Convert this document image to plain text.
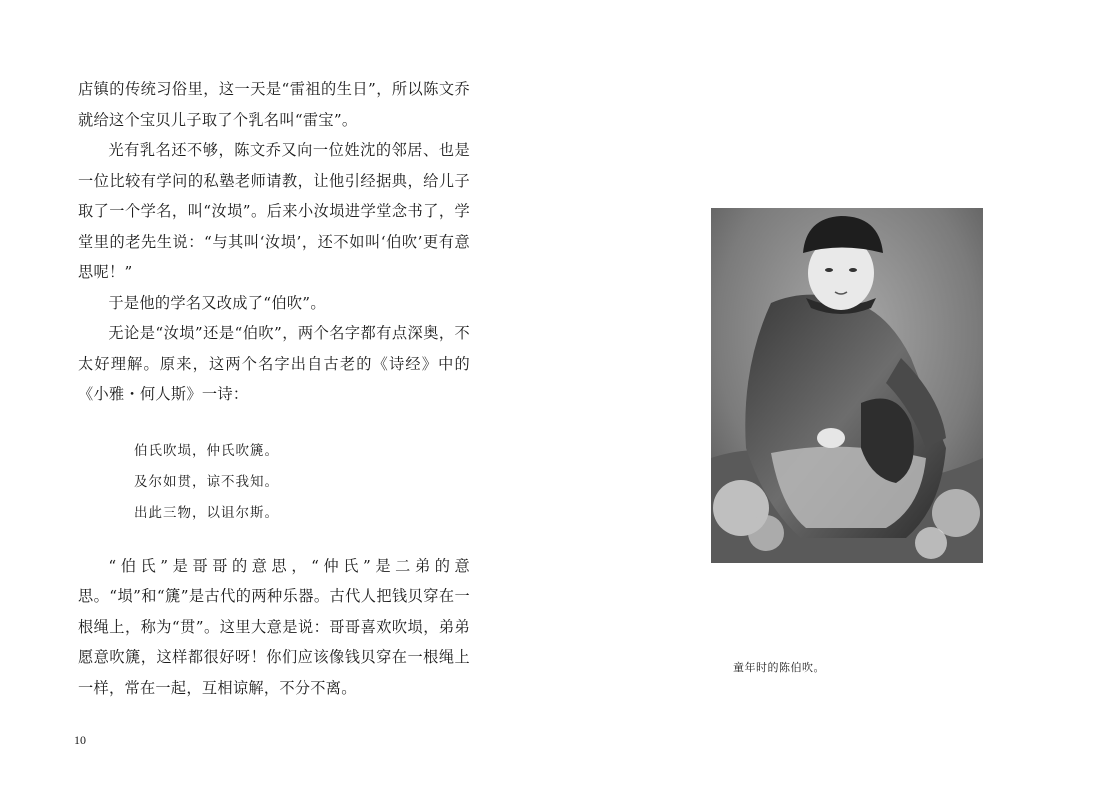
店镇的传统习俗里，这一天是“雷祖的生日”，所以陈文乔就给这个宝贝儿子取了个乳名叫“雷宝”。

光有乳名还不够，陈文乔又向一位姓沈的邻居、也是一位比较有学问的私塾老师请教，让他引经据典，给儿子取了一个学名，叫“汝埙”。后来小汝埙进学堂念书了，学堂里的老先生说：“与其叫‘汝埙’，还不如叫‘伯吹’更有意思呢！”

于是他的学名又改成了“伯吹”。

无论是“汝埙”还是“伯吹”，两个名字都有点深奥，不太好理解。原来，这两个名字出自古老的《诗经》中的《小雅・何人斯》一诗：

伯氏吹埙，仲氏吹篪。
及尔如贯，谅不我知。
出此三物，以诅尔斯。

“伯氏”是哥哥的意思，“仲氏”是二弟的意思。“埙”和“篪”是古代的两种乐器。古代人把钱贝穿在一根绳上，称为“贯”。这里大意是说：哥哥喜欢吹埙，弟弟愿意吹篪，这样都很好呀！你们应该像钱贝穿在一根绳上一样，常在一起，互相谅解，不分不离。

10
童年时的陈伯吹。
